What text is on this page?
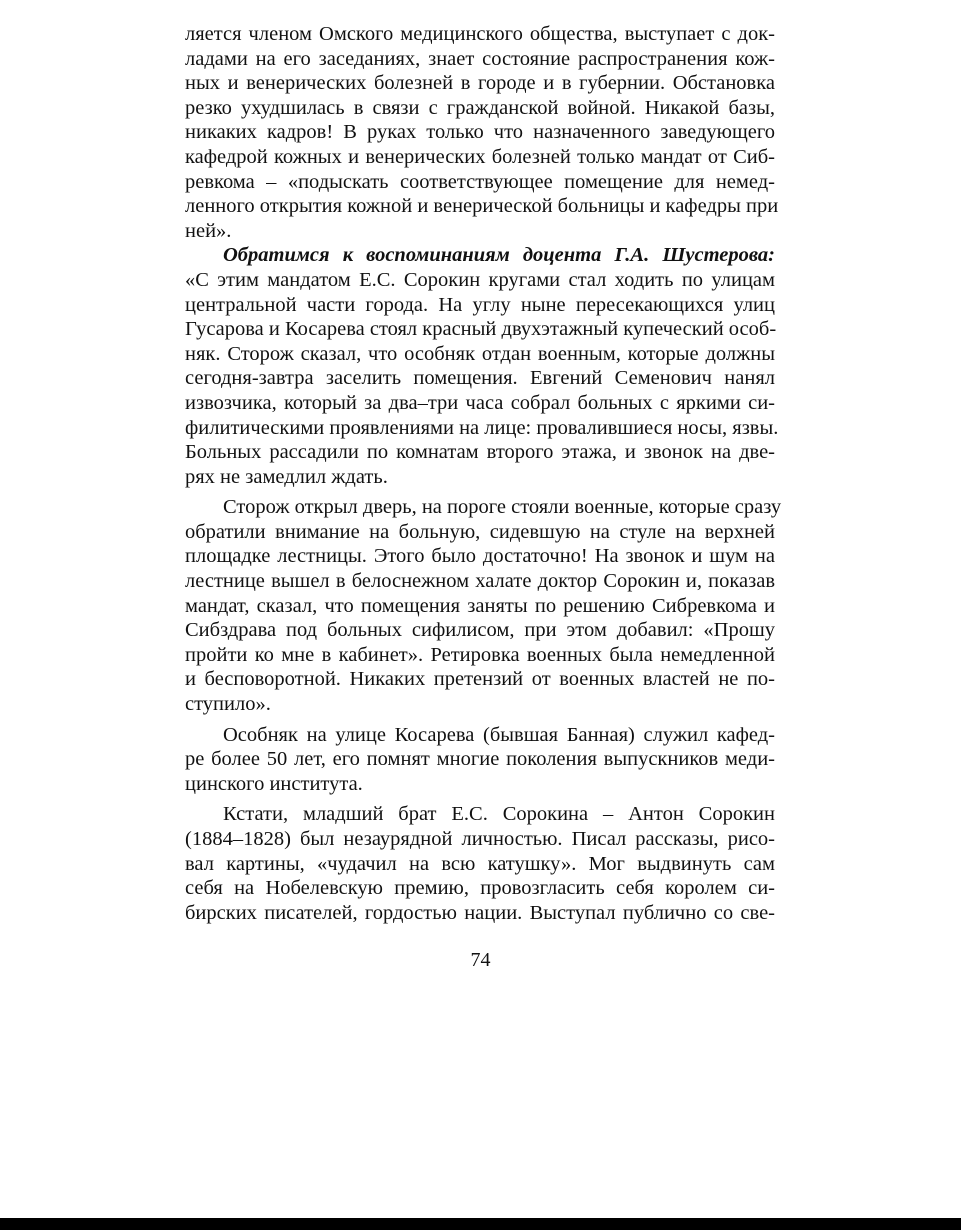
ляется членом Омского медицинского общества, выступает с док-
ладами на его заседаниях, знает состояние распространения кож-
ных и венерических болезней в городе и в губернии. Обстановка
резко ухудшилась в связи с гражданской войной. Никакой базы,
никаких кадров! В руках только что назначенного заведующего
кафедрой кожных и венерических болезней только мандат от Сиб-
ревкома – «подыскать соответствующее помещение для немед-
ленного открытия кожной и венерической больницы и кафедры при
ней».
Обратимся к воспоминаниям доцента Г.А. Шустерова:
«С этим мандатом Е.С. Сорокин кругами стал ходить по улицам
центральной части города. На углу ныне пересекающихся улиц
Гусарова и Косарева стоял красный двухэтажный купеческий особ-
няк. Сторож сказал, что особняк отдан военным, которые должны
сегодня-завтра заселить помещения. Евгений Семенович нанял
извозчика, который за два–три часа собрал больных с яркими си-
филитическими проявлениями на лице: провалившиеся носы, язвы.
Больных рассадили по комнатам второго этажа, и звонок на две-
рях не замедлил ждать.
Сторож открыл дверь, на пороге стояли военные, которые сразу
обратили внимание на больную, сидевшую на стуле на верхней
площадке лестницы. Этого было достаточно! На звонок и шум на
лестнице вышел в белоснежном халате доктор Сорокин и, показав
мандат, сказал, что помещения заняты по решению Сибревкома и
Сибздрава под больных сифилисом, при этом добавил: «Прошу
пройти ко мне в кабинет». Ретировка военных была немедленной
и бесповоротной. Никаких претензий от военных властей не по-
ступило».
Особняк на улице Косарева (бывшая Банная) служил кафед-
ре более 50 лет, его помнят многие поколения выпускников меди-
цинского института.
Кстати, младший брат Е.С. Сорокина – Антон Сорокин
(1884–1828) был незаурядной личностью. Писал рассказы, рисо-
вал картины, «чудачил на всю катушку». Мог выдвинуть сам
себя на Нобелевскую премию, провозгласить себя королем си-
бирских писателей, гордостью нации. Выступал публично со све-
74
